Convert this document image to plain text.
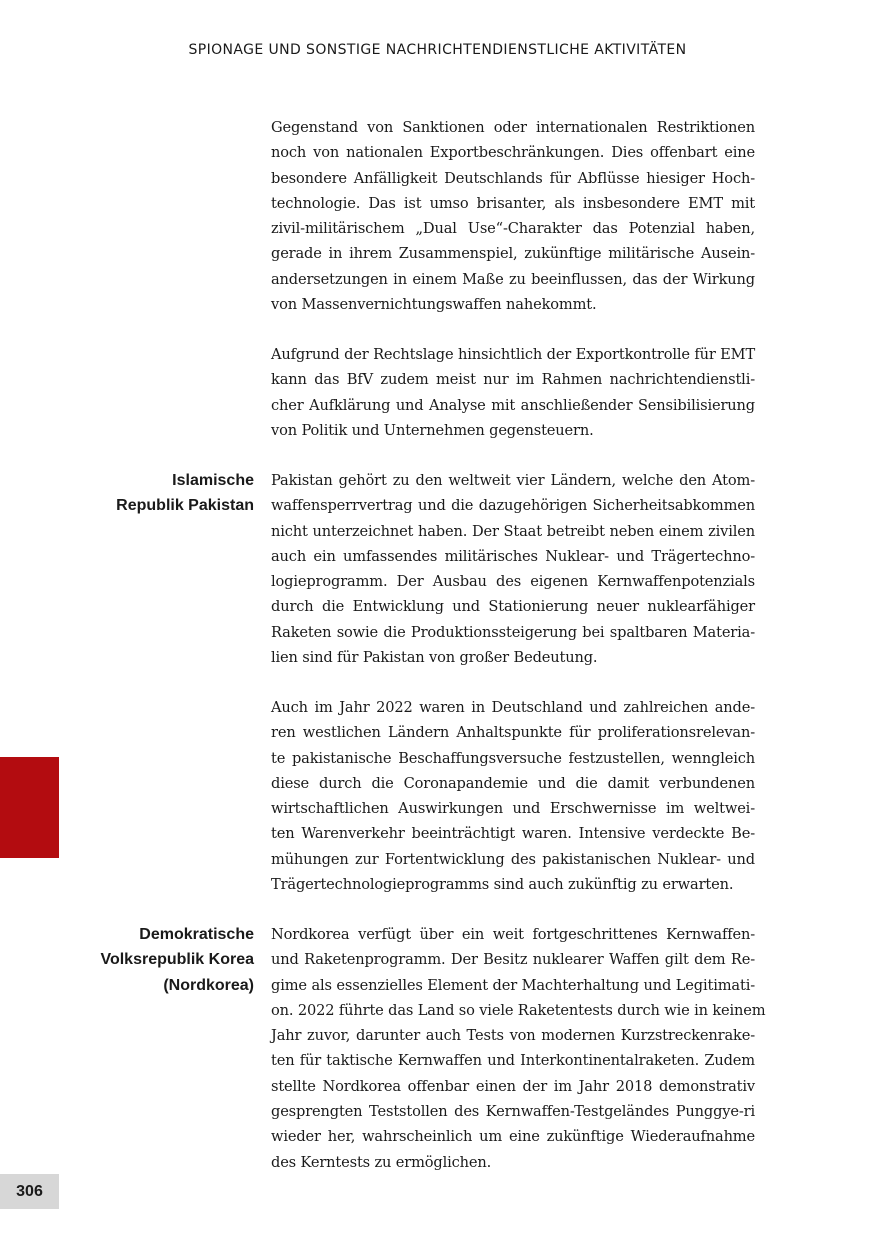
SPIONAGE UND SONSTIGE NACHRICHTENDIENSTLICHE AKTIVITÄTEN

Gegenstand von Sanktionen oder internationalen Restriktionen
noch von nationalen Exportbeschränkungen. Dies offenbart eine
besondere Anfälligkeit Deutschlands für Abflüsse hiesiger Hoch-
technologie. Das ist umso brisanter, als insbesondere EMT mit
zivil-militärischem „Dual Use“-Charakter das Potenzial haben,
gerade in ihrem Zusammenspiel, zukünftige militärische Ausein-
andersetzungen in einem Maße zu beeinflussen, das der Wirkung
von Massenvernichtungswaffen nahekommt.

Aufgrund der Rechtslage hinsichtlich der Exportkontrolle für EMT
kann das BfV zudem meist nur im Rahmen nachrichtendienstli-
cher Aufklärung und Analyse mit anschließender Sensibilisierung
von Politik und Unternehmen gegensteuern.

Islamische
Republik Pakistan

Pakistan gehört zu den weltweit vier Ländern, welche den Atom-
waffensperrvertrag und die dazugehörigen Sicherheitsabkommen
nicht unterzeichnet haben. Der Staat betreibt neben einem zivilen
auch ein umfassendes militärisches Nuklear- und Trägertechno-
logieprogramm. Der Ausbau des eigenen Kernwaffenpotenzials
durch die Entwicklung und Stationierung neuer nuklearfähiger
Raketen sowie die Produktionssteigerung bei spaltbaren Materia-
lien sind für Pakistan von großer Bedeutung.

Auch im Jahr 2022 waren in Deutschland und zahlreichen ande-
ren westlichen Ländern Anhaltspunkte für proliferationsrelevan-
te pakistanische Beschaffungsversuche festzustellen, wenngleich
diese durch die Coronapandemie und die damit verbundenen
wirtschaftlichen Auswirkungen und Erschwernisse im weltwei-
ten Warenverkehr beeinträchtigt waren. Intensive verdeckte Be-
mühungen zur Fortentwicklung des pakistanischen Nuklear- und
Trägertechnologieprogramms sind auch zukünftig zu erwarten.

Demokratische
Volksrepublik Korea
(Nordkorea)

Nordkorea verfügt über ein weit fortgeschrittenes Kernwaffen-
und Raketenprogramm. Der Besitz nuklearer Waffen gilt dem Re-
gime als essenzielles Element der Machterhaltung und Legitimati-
on. 2022 führte das Land so viele Raketentests durch wie in keinem
Jahr zuvor, darunter auch Tests von modernen Kurzstreckenrake-
ten für taktische Kernwaffen und Interkontinentalraketen. Zudem
stellte Nordkorea offenbar einen der im Jahr 2018 demonstrativ
gesprengten Teststollen des Kernwaffen-Testgeländes Punggye-ri
wieder her, wahrscheinlich um eine zukünftige Wiederaufnahme
des Kerntests zu ermöglichen.

306
